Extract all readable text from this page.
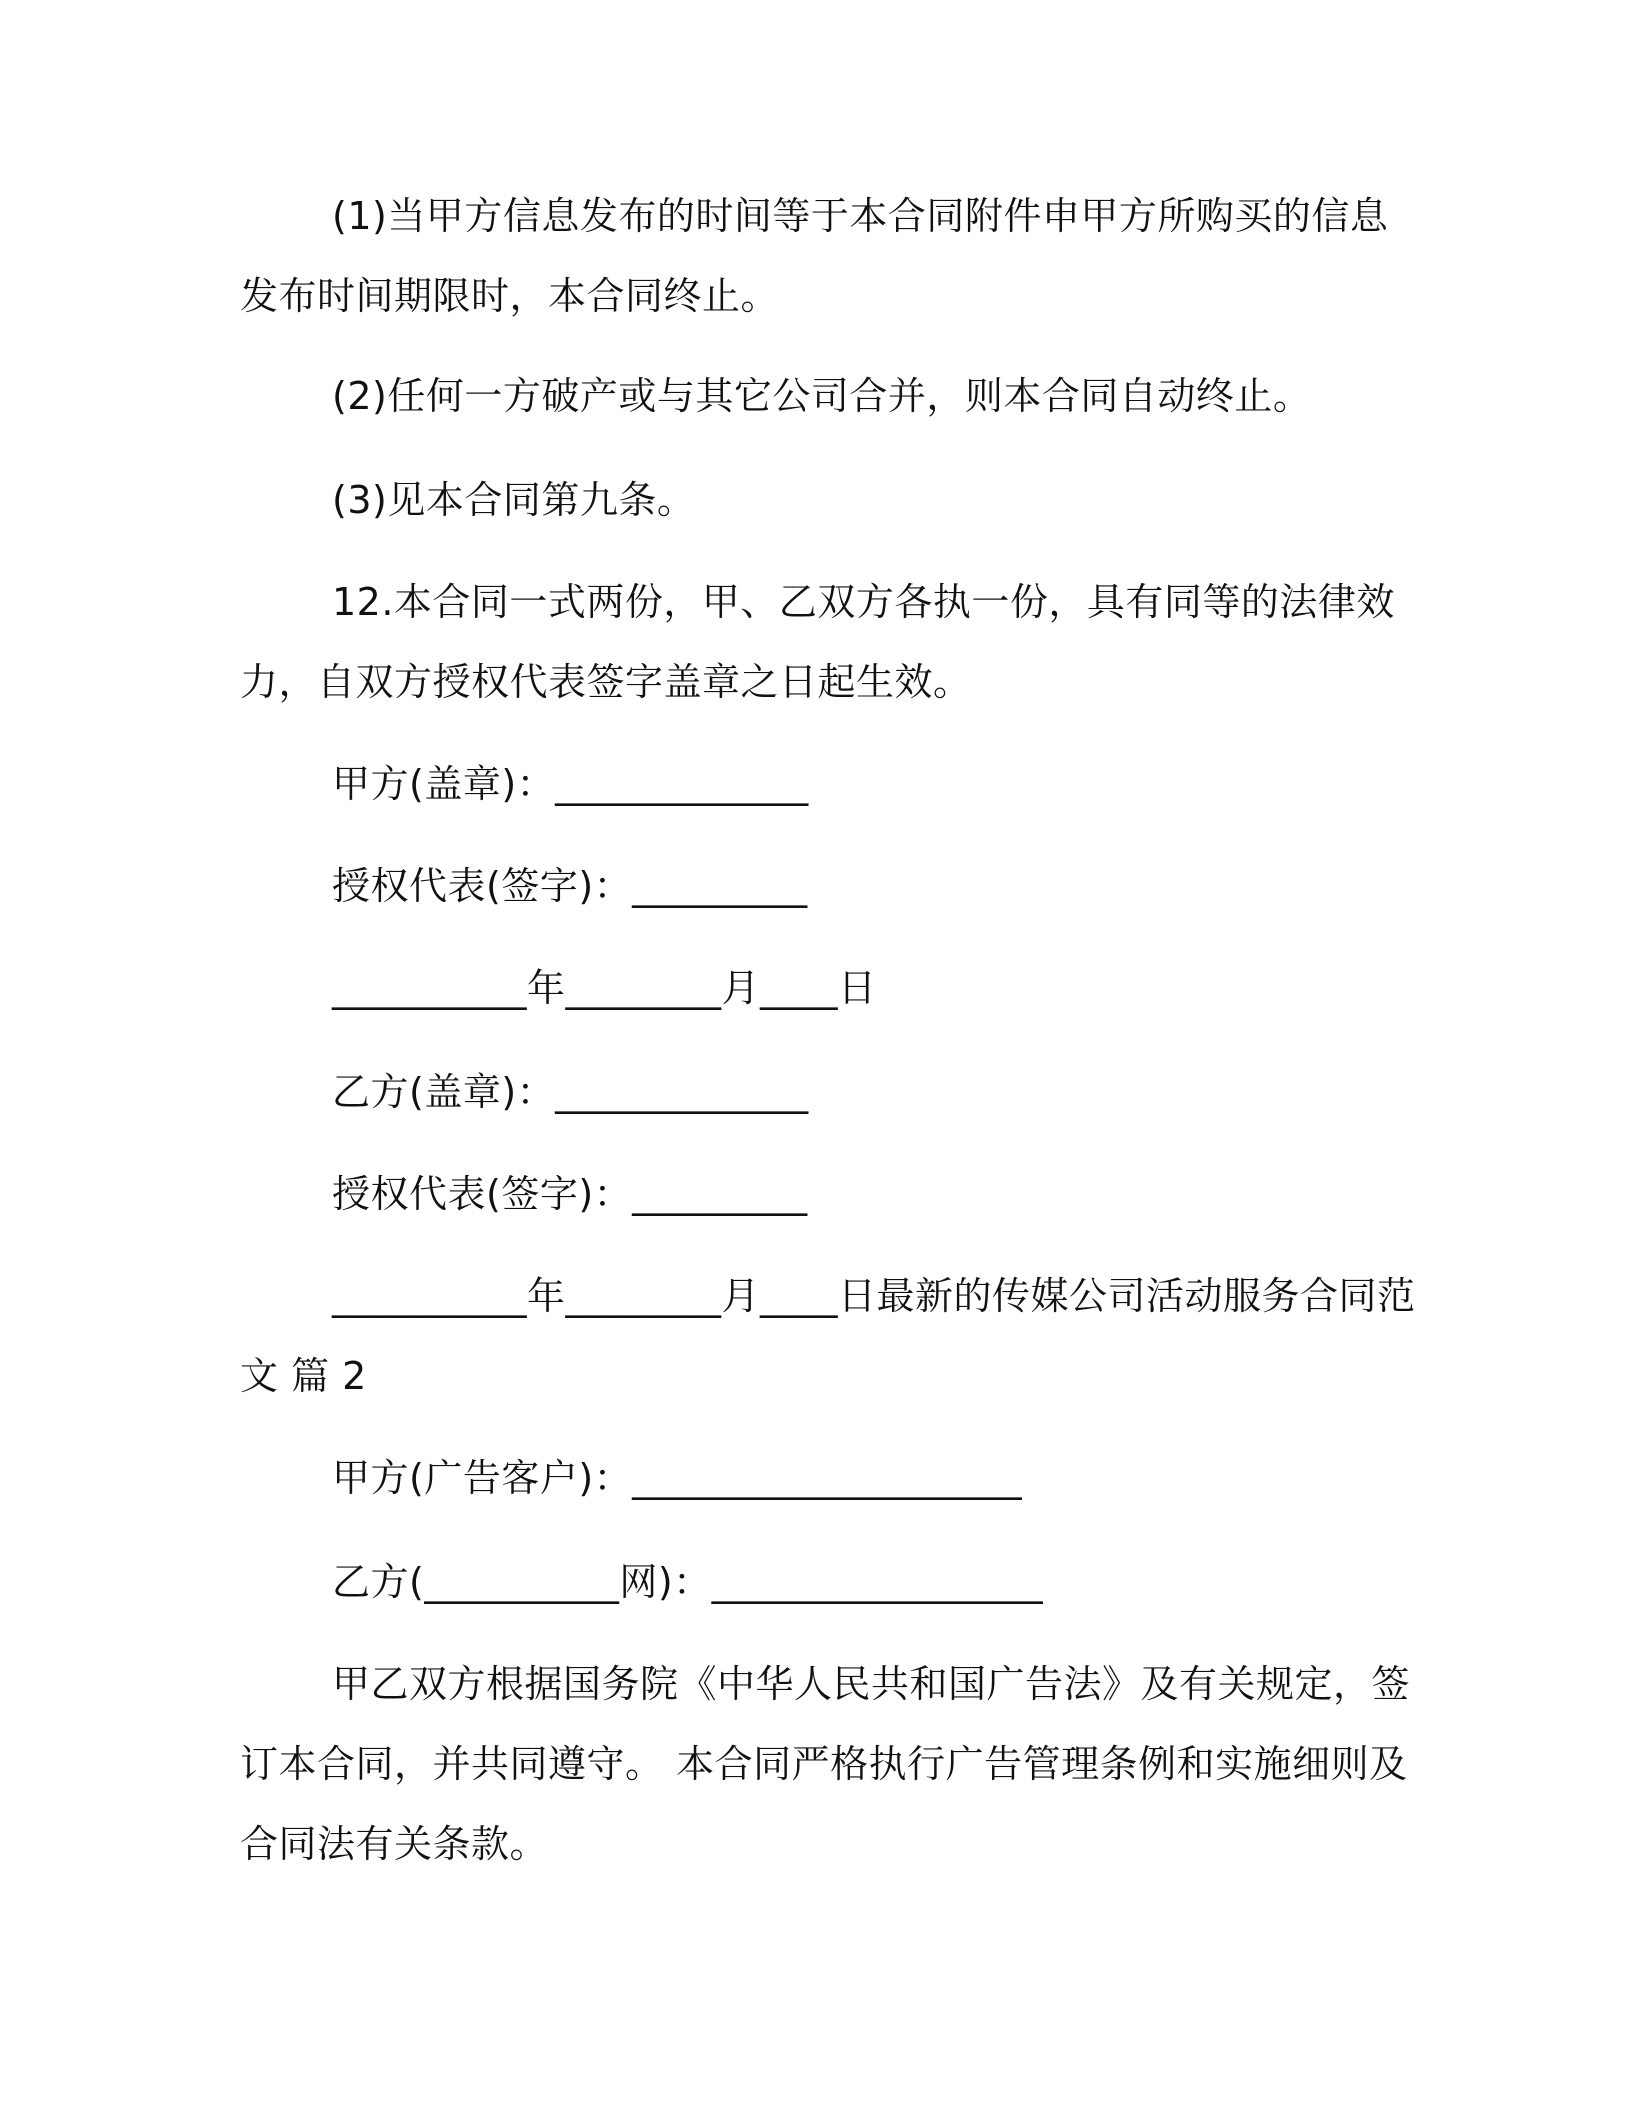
(1)当甲方信息发布的时间等于本合同附件申甲方所购买的信息
发布时间期限时，本合同终止。
(2)任何一方破产或与其它公司合并，则本合同自动终止。
(3)见本合同第九条。
12.本合同一式两份，甲、乙双方各执一份，具有同等的法律效
力，自双方授权代表签字盖章之日起生效。
甲方(盖章)：_____________
授权代表(签字)：_________
__________年________月____日
乙方(盖章)：_____________
授权代表(签字)：_________
__________年________月____日最新的传媒公司活动服务合同范
文 篇 2
甲方(广告客户)：____________________
乙方(__________网)：_________________
甲乙双方根据国务院《中华人民共和国广告法》及有关规定，签
订本合同，并共同遵守。 本合同严格执行广告管理条例和实施细则及
合同法有关条款。
